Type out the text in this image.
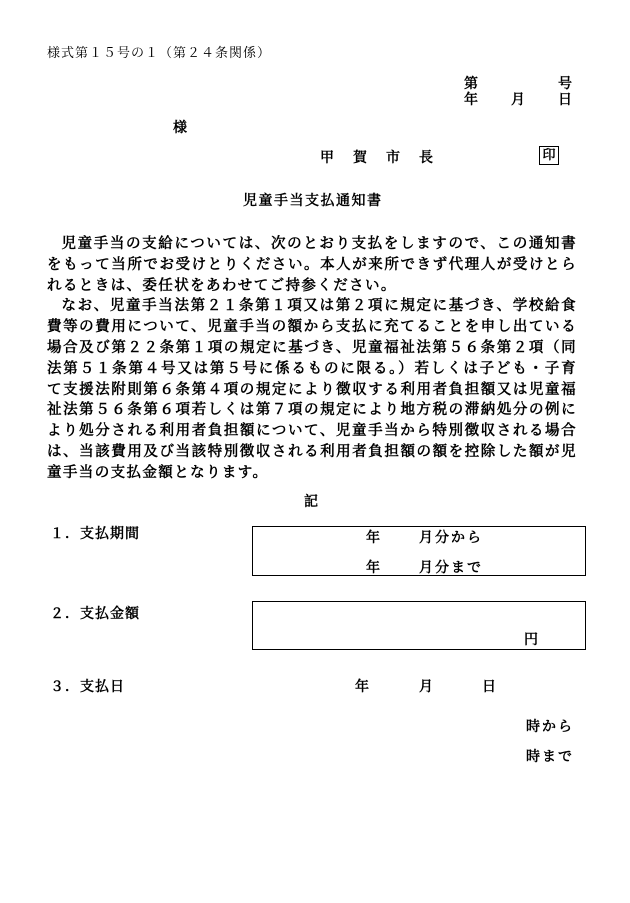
様式第１５号の１（第２４条関係）
第	号
年 月 日
様
甲賀市長	印
児童手当支払通知書

児童手当の支給については、次のとおり支払をしますので、この通知書をもって当所でお受けとりください。本人が来所できず代理人が受けとられるときは、委任状をあわせてご持参ください。

なお、児童手当法第２１条第１項又は第２項に規定に基づき、学校給食費等の費用について、児童手当の額から支払に充てることを申し出ている場合及び第２２条第１項の規定に基づき、児童福祉法第５６条第２項（同法第５１条第４号又は第５号に係るものに限る。）若しくは子ども・子育て支援法附則第６条第４項の規定により徴収する利用者負担額又は児童福祉法第５６条第６項若しくは第７項の規定により地方税の滞納処分の例により処分される利用者負担額について、児童手当から特別徴収される場合は、当該費用及び当該特別徴収される利用者負担額の額を控除した額が児童手当の支払金額となります。

記
１．支払期間	年	月分から
年	月分まで
２．支払金額
円
３．支払日	年	月	日
時から
時まで
